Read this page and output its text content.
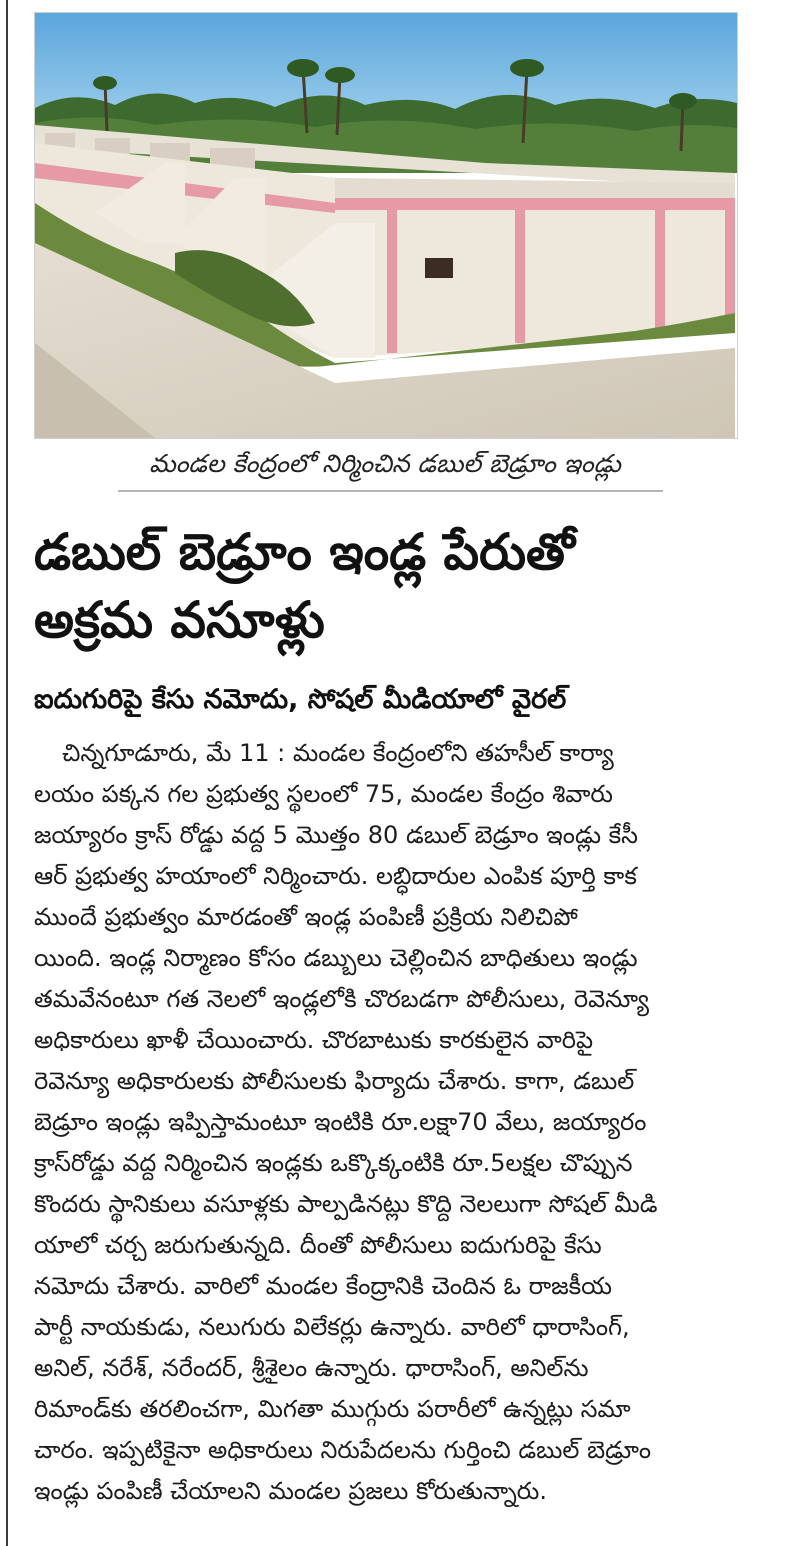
మండల కేంద్రంలో నిర్మించిన డబుల్ బెడ్రూం ఇండ్లు
డబుల్ బెడ్రూం ఇండ్ల పేరుతో
అక్రమ వసూళ్లు
ఐదుగురిపై కేసు నమోదు, సోషల్ మీడియాలో వైరల్
చిన్నగూడూరు, మే 11 : మండల కేంద్రంలోని తహసీల్ కార్యా
లయం పక్కన గల ప్రభుత్వ స్థలంలో 75, మండల కేంద్రం శివారు
జయ్యారం క్రాస్ రోడ్డు వద్ద 5 మొత్తం 80 డబుల్ బెడ్రూం ఇండ్లు కేసీ
ఆర్ ప్రభుత్వ హయాంలో నిర్మించారు. లబ్ధిదారుల ఎంపిక పూర్తి కాక
ముందే ప్రభుత్వం మారడంతో ఇండ్ల పంపిణీ ప్రక్రియ నిలిచిపో
యింది. ఇండ్ల నిర్మాణం కోసం డబ్బులు చెల్లించిన బాధితులు ఇండ్లు
తమవేనంటూ గత నెలలో ఇండ్లలోకి చొరబడగా పోలీసులు, రెవెన్యూ
అధికారులు ఖాళీ చేయించారు. చొరబాటుకు కారకులైన వారిపై
రెవెన్యూ అధికారులకు పోలీసులకు ఫిర్యాదు చేశారు. కాగా, డబుల్
బెడ్రూం ఇండ్లు ఇప్పిస్తామంటూ ఇంటికి రూ.లక్షా70 వేలు, జయ్యారం
క్రాస్‌రోడ్డు వద్ద నిర్మించిన ఇండ్లకు ఒక్కొక్కంటికి రూ.5లక్షల చొప్పున
కొందరు స్థానికులు వసూళ్లకు పాల్పడినట్లు కొద్ది నెలలుగా సోషల్ మీడి
యాలో చర్చ జరుగుతున్నది. దీంతో పోలీసులు ఐదుగురిపై కేసు
నమోదు చేశారు. వారిలో మండల కేంద్రానికి చెందిన ఓ రాజకీయ
పార్టీ నాయకుడు, నలుగురు విలేకర్లు ఉన్నారు. వారిలో ధారాసింగ్,
అనిల్, నరేశ్, నరేందర్, శ్రీశైలం ఉన్నారు. ధారాసింగ్, అనిల్‌ను
రిమాండ్‌కు తరలించగా, మిగతా ముగ్గురు పరారీలో ఉన్నట్లు సమా
చారం. ఇప్పటికైనా అధికారులు నిరుపేదలను గుర్తించి డబుల్ బెడ్రూం
ఇండ్లు పంపిణీ చేయాలని మండల ప్రజలు కోరుతున్నారు.
